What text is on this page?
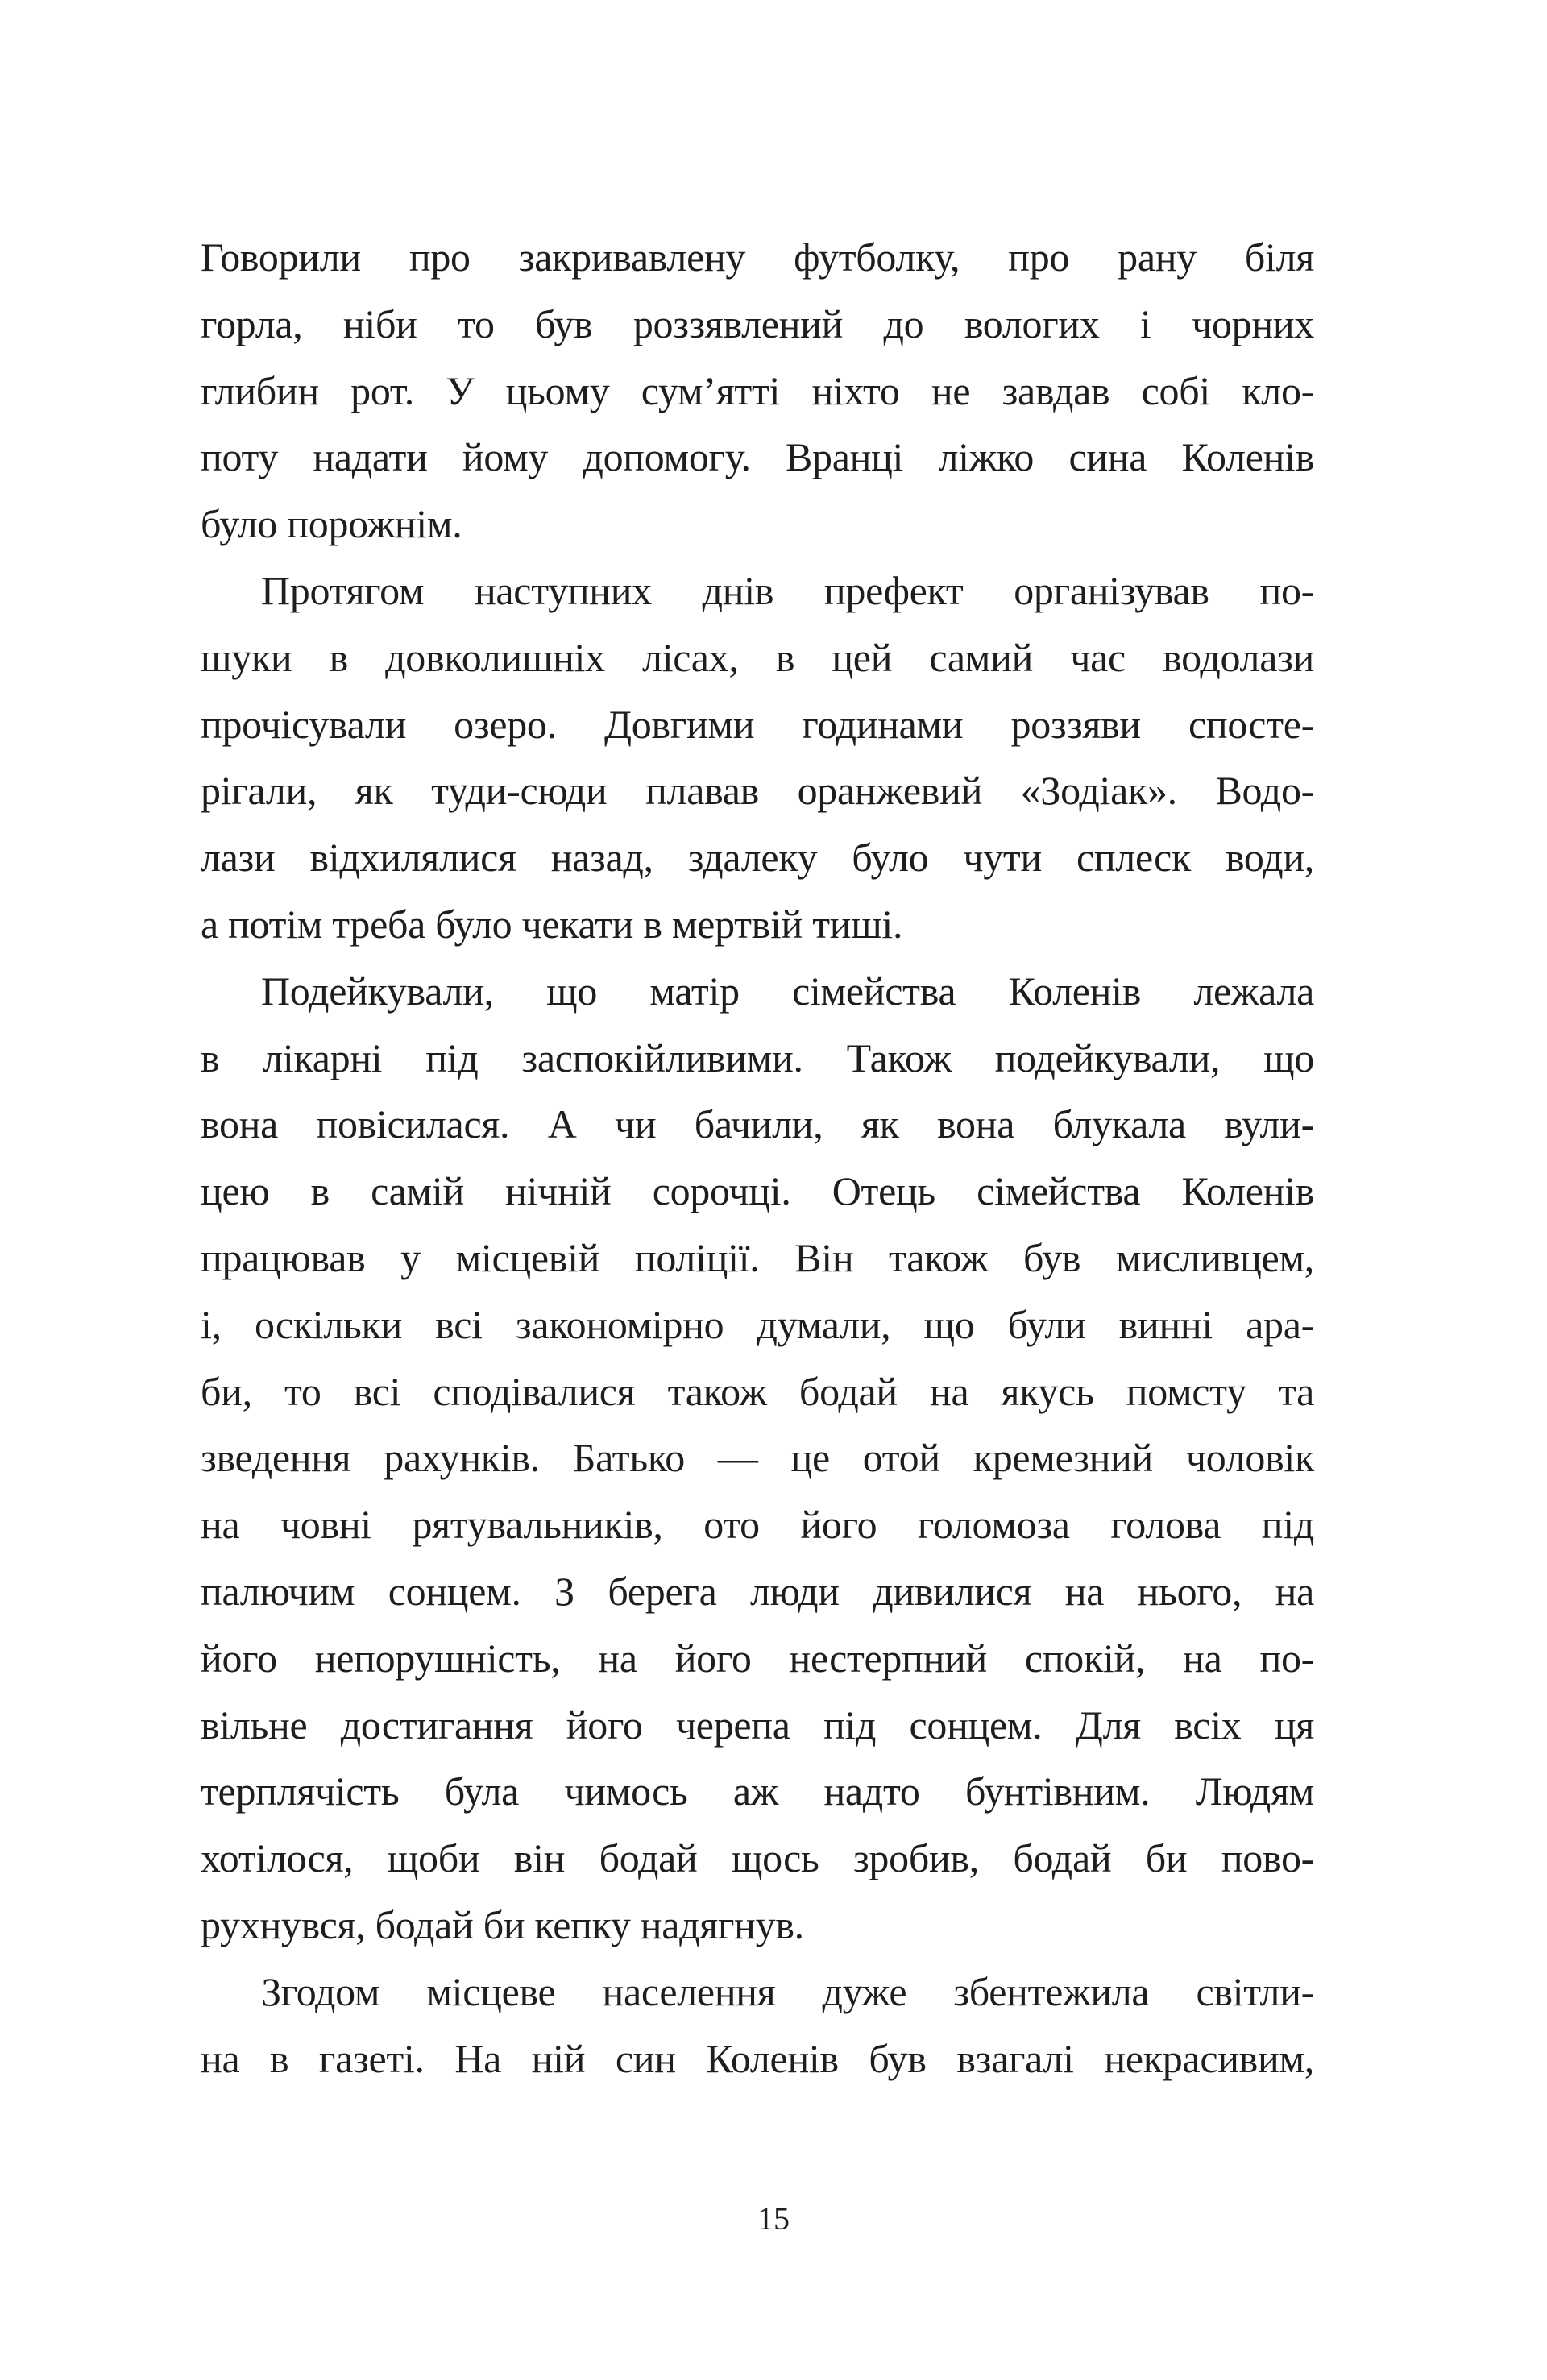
Говорили про закривавлену футболку, про рану біля
горла, ніби то був роззявлений до вологих і чорних
глибин рот. У цьому сум’ятті ніхто не завдав собі кло-
поту надати йому допомогу. Вранці ліжко сина Коленів
було порожнім.
Протягом наступних днів префект організував по-
шуки в довколишніх лісах, в цей самий час водолази
прочісували озеро. Довгими годинами роззяви спосте-
рігали, як туди-сюди плавав оранжевий «Зодіак». Водо-
лази відхилялися назад, здалеку було чути сплеск води,
а потім треба було чекати в мертвій тиші.
Подейкували, що матір сімейства Коленів лежала
в лікарні під заспокійливими. Також подейкували, що
вона повісилася. А чи бачили, як вона блукала вули-
цею в самій нічній сорочці. Отець сімейства Коленів
працював у місцевій поліції. Він також був мисливцем,
і, оскільки всі закономірно думали, що були винні ара-
би, то всі сподівалися також бодай на якусь помсту та
зведення рахунків. Батько — це отой кремезний чоловік
на човні рятувальників, ото його голомоза голова під
палючим сонцем. З берега люди дивилися на нього, на
його непорушність, на його нестерпний спокій, на по-
вільне достигання його черепа під сонцем. Для всіх ця
терплячість була чимось аж надто бунтівним. Людям
хотілося, щоби він бодай щось зробив, бодай би пово-
рухнувся, бодай би кепку надягнув.
Згодом місцеве населення дуже збентежила світли-
на в газеті. На ній син Коленів був взагалі некрасивим,
15
